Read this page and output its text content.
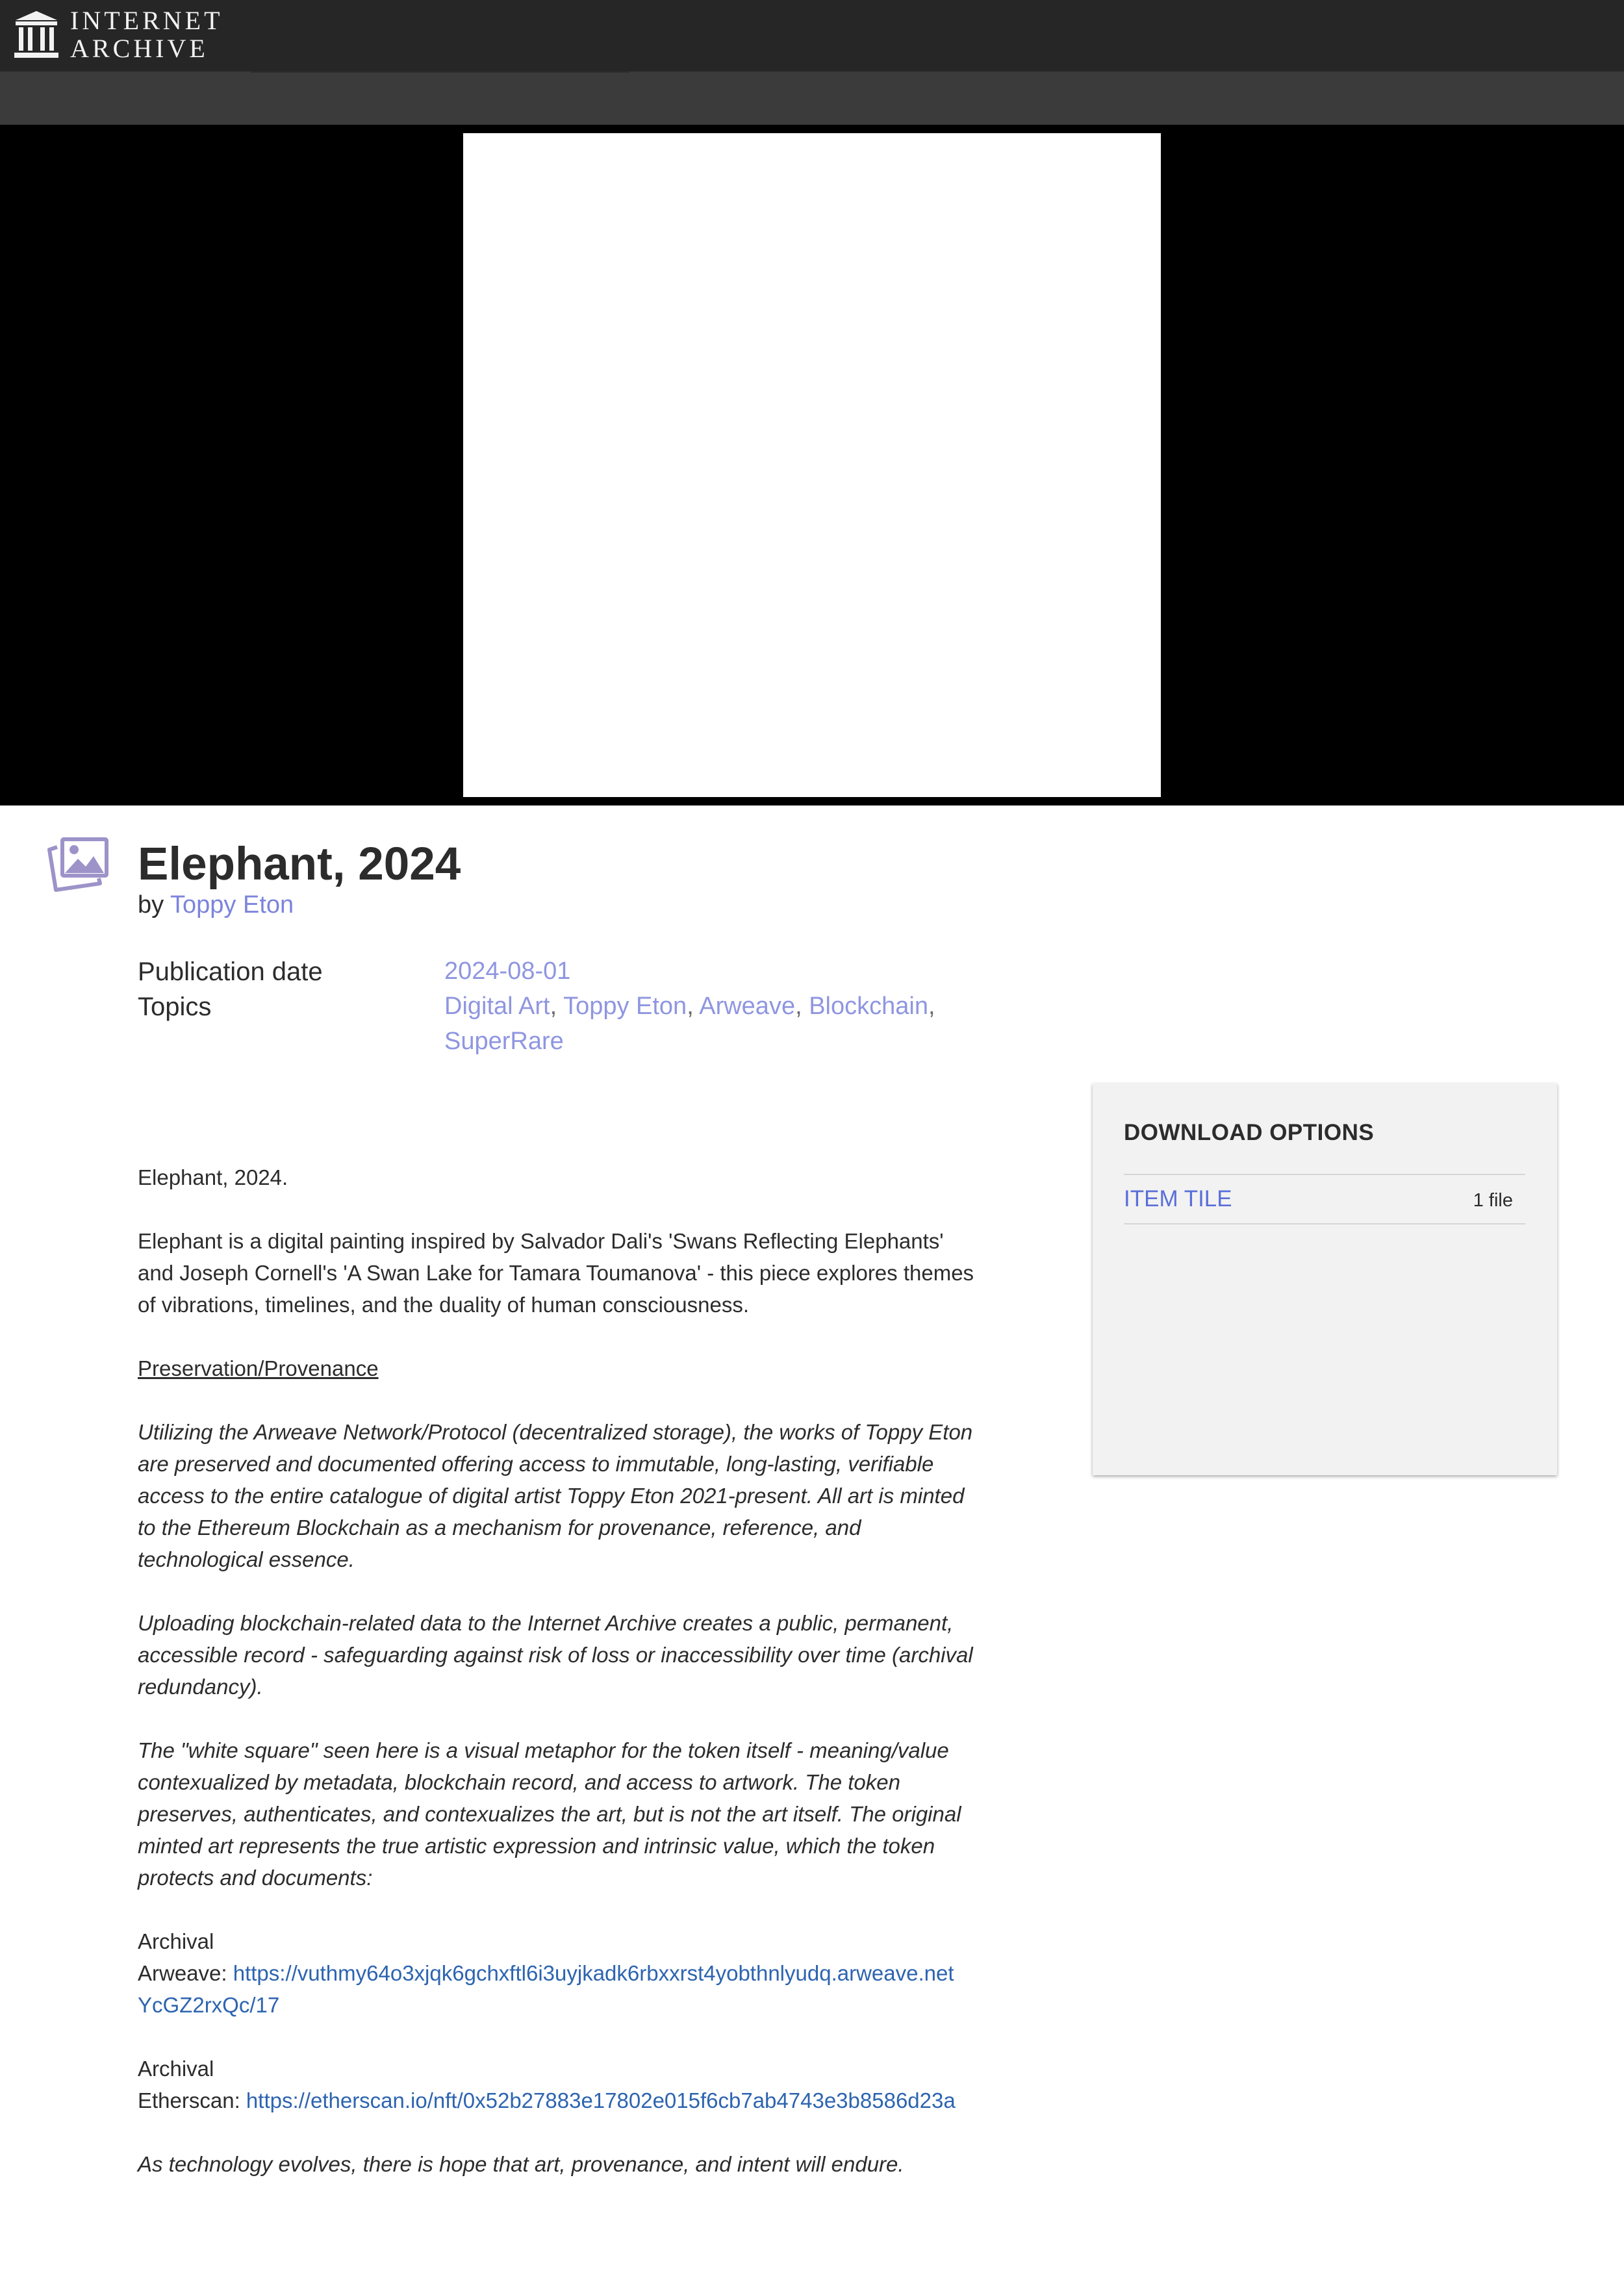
INTERNET
ARCHIVE
Elephant, 2024
by Toppy Eton
Publication date	2024-08-01
Topics	Digital Art, Toppy Eton, Arweave, Blockchain,
SuperRare

Elephant, 2024.

Elephant is a digital painting inspired by Salvador Dali's 'Swans Reflecting Elephants' and Joseph Cornell's 'A Swan Lake for Tamara Toumanova' - this piece explores themes of vibrations, timelines, and the duality of human consciousness.

Preservation/Provenance

Utilizing the Arweave Network/Protocol (decentralized storage), the works of Toppy Eton are preserved and documented offering access to immutable, long-lasting, verifiable access to the entire catalogue of digital artist Toppy Eton 2021-present. All art is minted to the Ethereum Blockchain as a mechanism for provenance, reference, and technological essence.

Uploading blockchain-related data to the Internet Archive creates a public, permanent, accessible record - safeguarding against risk of loss or inaccessibility over time (archival redundancy).

The "white square" seen here is a visual metaphor for the token itself - meaning/value contexualized by metadata, blockchain record, and access to artwork. The token preserves, authenticates, and contexualizes the art, but is not the art itself. The original minted art represents the true artistic expression and intrinsic value, which the token protects and documents:

Archival

Arweave: https://vuthmy64o3xjqk6gchxftl6i3uyjkadk6rbxxrst4yobthnlyudq.arweave.net
YcGZ2rxQc/17

Archival

Etherscan: https://etherscan.io/nft/0x52b27883e17802e015f6cb7ab4743e3b8586d23a

As technology evolves, there is hope that art, provenance, and intent will endure.

DOWNLOAD OPTIONS
ITEM TILE	1 file
